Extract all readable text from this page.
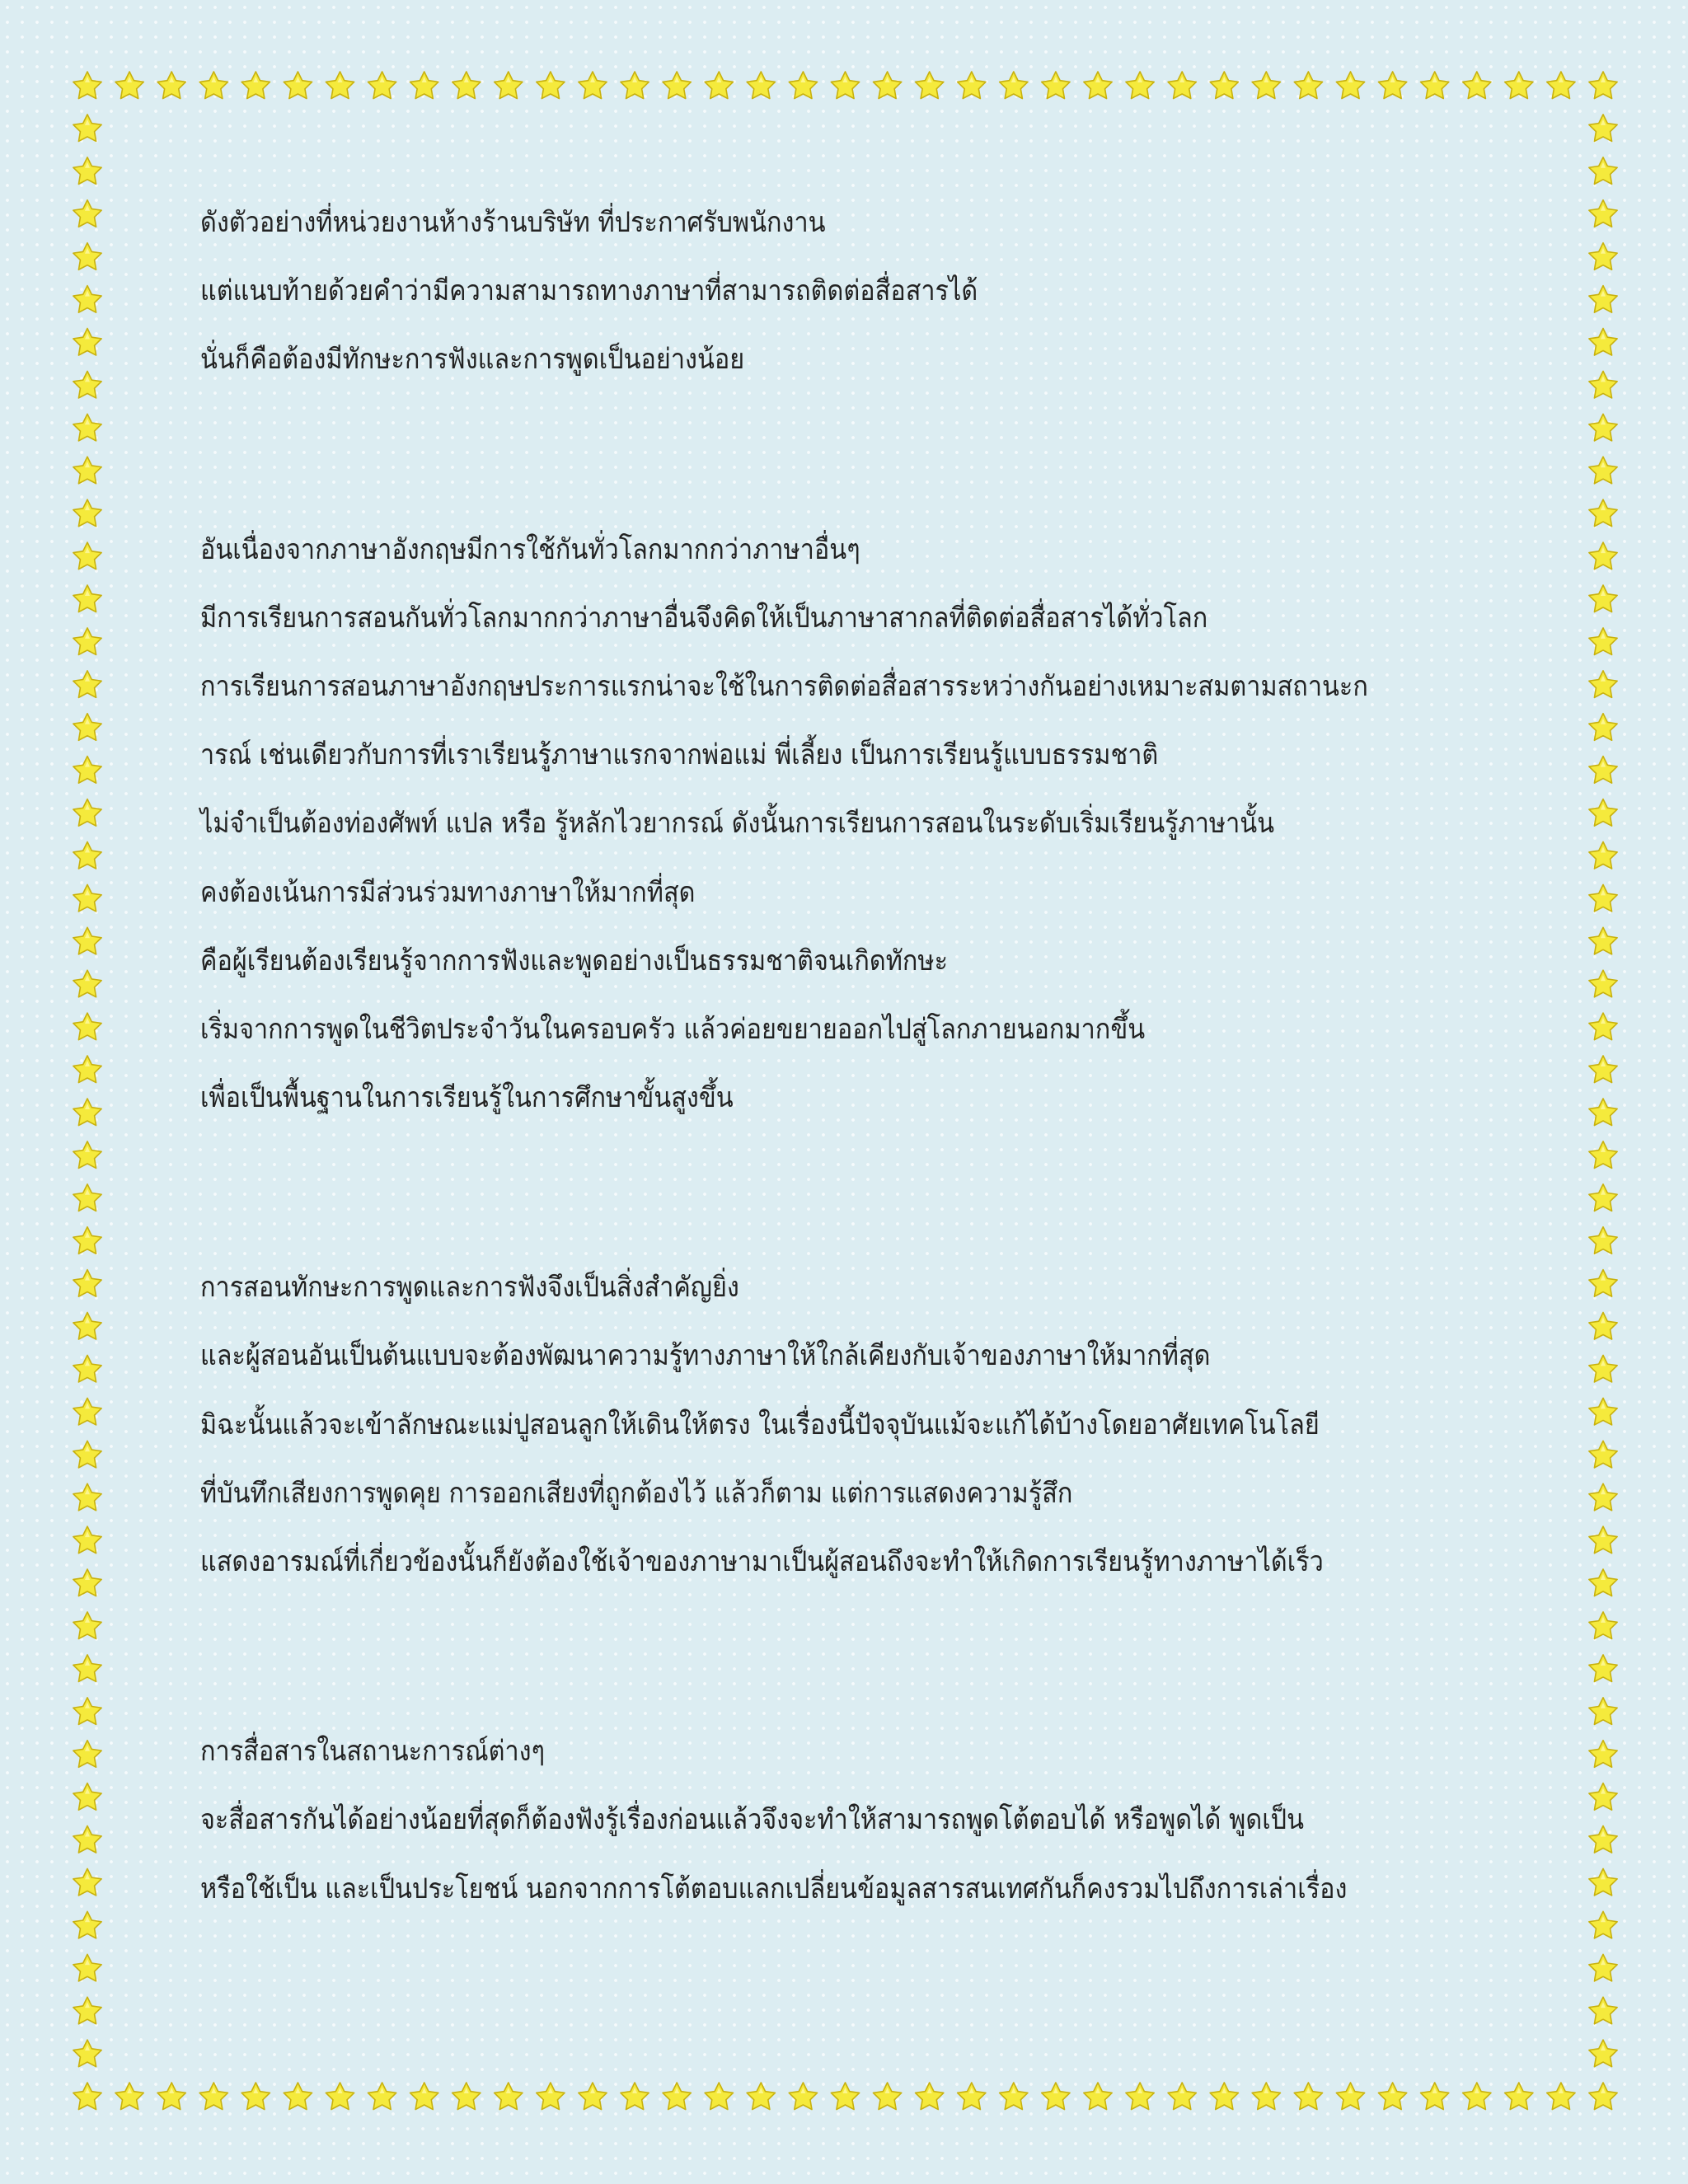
ดังตัวอย่างที่หน่วยงานห้างร้านบริษัท ที่ประกาศรับพนักงาน
แต่แนบท้ายด้วยคำว่ามีความสามารถทางภาษาที่สามารถติดต่อสื่อสารได้
นั่นก็คือต้องมีทักษะการฟังและการพูดเป็นอย่างน้อย
อันเนื่องจากภาษาอังกฤษมีการใช้กันทั่วโลกมากกว่าภาษาอื่นๆ
มีการเรียนการสอนกันทั่วโลกมากกว่าภาษาอื่นจึงคิดให้เป็นภาษาสากลที่ติดต่อสื่อสารได้ทั่วโลก
การเรียนการสอนภาษาอังกฤษประการแรกน่าจะใช้ในการติดต่อสื่อสารระหว่างกันอย่างเหมาะสมตามสถานะก
ารณ์ เช่นเดียวกับการที่เราเรียนรู้ภาษาแรกจากพ่อแม่ พี่เลี้ยง เป็นการเรียนรู้แบบธรรมชาติ
ไม่จำเป็นต้องท่องศัพท์ แปล หรือ รู้หลักไวยากรณ์ ดังนั้นการเรียนการสอนในระดับเริ่มเรียนรู้ภาษานั้น
คงต้องเน้นการมีส่วนร่วมทางภาษาให้มากที่สุด
คือผู้เรียนต้องเรียนรู้จากการฟังและพูดอย่างเป็นธรรมชาติจนเกิดทักษะ
เริ่มจากการพูดในชีวิตประจำวันในครอบครัว แล้วค่อยขยายออกไปสู่โลกภายนอกมากขึ้น
เพื่อเป็นพื้นฐานในการเรียนรู้ในการศึกษาขั้นสูงขึ้น
การสอนทักษะการพูดและการฟังจึงเป็นสิ่งสำคัญยิ่ง
และผู้สอนอันเป็นต้นแบบจะต้องพัฒนาความรู้ทางภาษาให้ใกล้เคียงกับเจ้าของภาษาให้มากที่สุด
มิฉะนั้นแล้วจะเข้าลักษณะแม่ปูสอนลูกให้เดินให้ตรง ในเรื่องนี้ปัจจุบันแม้จะแก้ได้บ้างโดยอาศัยเทคโนโลยี
ที่บันทึกเสียงการพูดคุย การออกเสียงที่ถูกต้องไว้ แล้วก็ตาม แต่การแสดงความรู้สึก
แสดงอารมณ์ที่เกี่ยวข้องนั้นก็ยังต้องใช้เจ้าของภาษามาเป็นผู้สอนถึงจะทำให้เกิดการเรียนรู้ทางภาษาได้เร็ว
การสื่อสารในสถานะการณ์ต่างๆ
จะสื่อสารกันได้อย่างน้อยที่สุดก็ต้องฟังรู้เรื่องก่อนแล้วจึงจะทำให้สามารถพูดโต้ตอบได้ หรือพูดได้ พูดเป็น
หรือใช้เป็น และเป็นประโยชน์ นอกจากการโต้ตอบแลกเปลี่ยนข้อมูลสารสนเทศกันก็คงรวมไปถึงการเล่าเรื่อง
